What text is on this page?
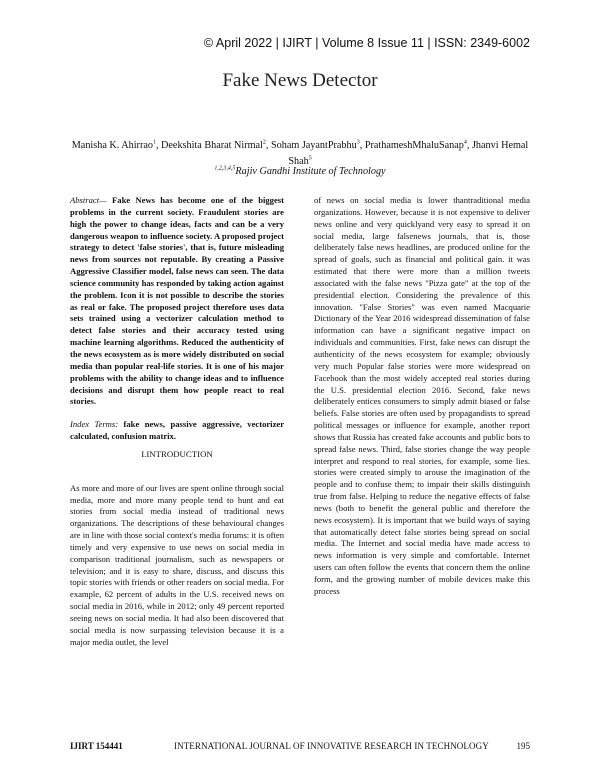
© April 2022 | IJIRT | Volume 8 Issue 11 | ISSN: 2349-6002
Fake News Detector
Manisha K. Ahirrao$^1$, Deekshita Bharat Nirmal$^2$, Soham JayantPrabhu$^3$, PrathameshMhaluSanap$^4$, Jhanvi Hemal Shah$^5$
$^{1,2,3,4,5}$Rajiv Gandhi Institute of Technology

Abstract— Fake News has become one of the biggest problems in the current society. Fraudulent stories are high the power to change ideas, facts and can be a very dangerous weapon to influence society. A proposed project strategy to detect 'false stories', that is, future misleading news from sources not reputable. By creating a Passive Aggressive Classifier model, false news can seen. The data science community has responded by taking action against the problem. Icon it is not possible to describe the stories as real or fake. The proposed project therefore uses data sets trained using a vectorizer calculation method to detect false stories and their accuracy tested using machine learning algorithms. Reduced the authenticity of the news ecosystem as is more widely distributed on social media than popular real-life stories. It is one of his major problems with the ability to change ideas and to influence decisions and disrupt them how people react to real stories.

Index Terms: fake news, passive aggressive, vectorizer calculated, confusion matrix.

I.INTRODUCTION

As more and more of our lives are spent online through social media, more and more many people tend to hunt and eat stories from social media instead of traditional news organizations. The descriptions of these behavioural changes are in line with those social context's media forums: it is often timely and very expensive to use news on social media in comparison traditional journalism, such as newspapers or television; and it is easy to share, discuss, and discuss this topic stories with friends or other readers on social media. For example, 62 percent of adults in the U.S. received news on social media in 2016, while in 2012; only 49 percent reported seeing news on social media. It had also been discovered that social media is now surpassing television because it is a major media outlet, the level

of news on social media is lower thantraditional media organizations. However, because it is not expensive to deliver news online and very quicklyand very easy to spread it on social media, large falsenews journals, that is, those deliberately false news headlines, are produced online for the spread of goals, such as financial and political gain. it was estimated that there were more than a million tweets associated with the false news "Pizza gate" at the top of the presidential election. Considering the prevalence of this innovation. "False Stories" was even named Macquarie Dictionary of the Year 2016 widespread dissemination of false information can have a significant negative impact on individuals and communities. First, fake news can disrupt the authenticity of the news ecosystem for example; obviously very much Popular false stories were more widespread on Facebook than the most widely accepted real stories during the U.S. presidential election 2016. Second, fake news deliberately entices consumers to simply admit biased or false beliefs. False stories are often used by propagandists to spread political messages or influence for example, another report shows that Russia has created fake accounts and public bots to spread false news. Third, false stories change the way people interpret and respond to real stories, for example, some lies. stories were created simply to arouse the imagination of the people and to confuse them; to impair their skills distinguish true from false. Helping to reduce the negative effects of false news (both to benefit the general public and therefore the news ecosystem). It is important that we build ways of saying that automatically detect false stories being spread on social media. The Internet and social media have made access to news information is very simple and comfortable. Internet users can often follow the events that concern them the online form, and the growing number of mobile devices make this process

IJIRT 154441	INTERNATIONAL JOURNAL OF INNOVATIVE RESEARCH IN TECHNOLOGY	195
